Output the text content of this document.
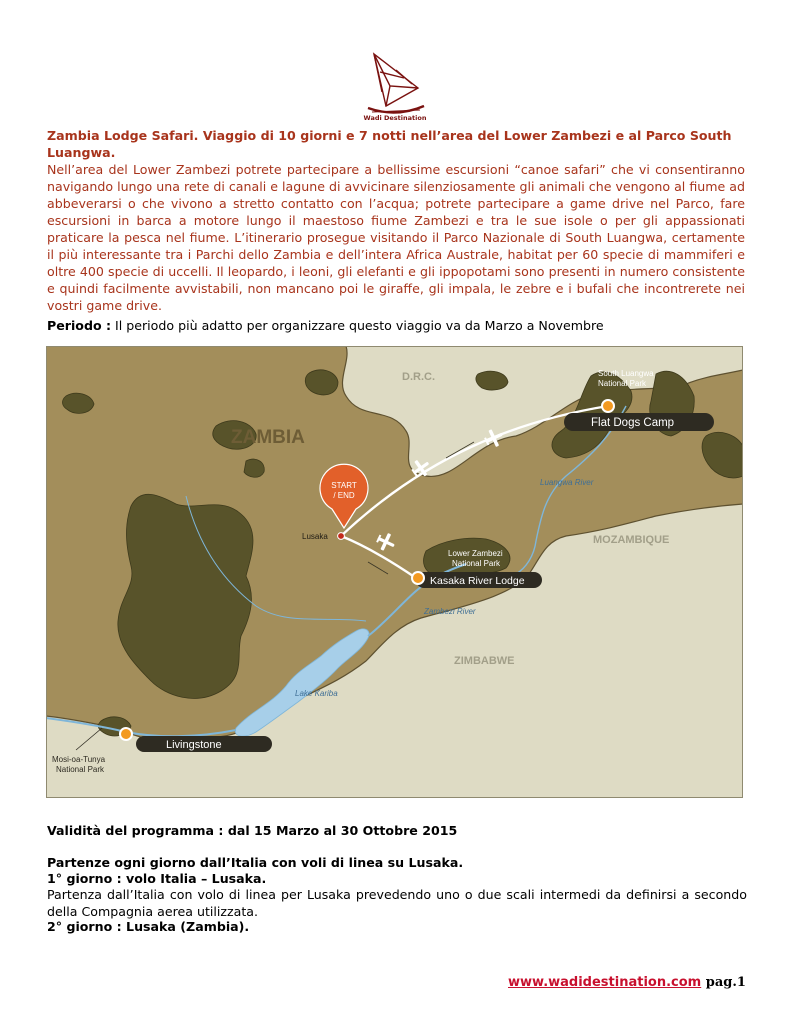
Wadi Destination

Zambia Lodge Safari. Viaggio di 10 giorni e 7 notti nell’area del Lower Zambezi e al Parco South Luangwa.

Nell’area del Lower Zambezi potrete partecipare a bellissime escursioni “canoe safari” che vi consentiranno navigando lungo una rete di canali e lagune di avvicinare silenziosamente gli animali che vengono al fiume ad abbeverarsi o che vivono a stretto contatto con l’acqua; potrete partecipare a game drive nel Parco, fare escursioni in barca a motore lungo il maestoso fiume Zambezi e tra le sue isole o per gli appassionati praticare la pesca nel fiume. L’itinerario prosegue visitando il Parco Nazionale di South Luangwa, certamente il più interessante tra i Parchi dello Zambia e dell’intera Africa Australe, habitat per 60 specie di mammiferi e oltre 400 specie di uccelli. Il leopardo, i leoni, gli elefanti e gli ippopotami sono presenti in numero consistente e quindi facilmente avvistabili, non mancano poi le giraffe, gli impala, le zebre e i bufali che incontrerete nei vostri game drive.

Periodo : Il periodo più adatto per organizzare questo viaggio va da Marzo a Novembre
ZAMBIA
D.R.C.
MOZAMBIQUE
ZIMBABWE
South Luangwa
National Park
Lower Zambezi
National Park
Mosi-oa-Tunya
National Park
Luangwa River
Zambezi River
Lake Kariba
Lusaka
START
/ END
Flat Dogs Camp
Kasaka River Lodge
Livingstone
Validità del programma : dal 15 Marzo al 30 Ottobre 2015
Partenze ogni giorno dall’Italia con voli di linea su Lusaka.
1° giorno : volo Italia – Lusaka.
Partenza dall’Italia con volo di linea per Lusaka prevedendo uno o due scali intermedi da definirsi a secondo della Compagnia aerea utilizzata.
2° giorno : Lusaka (Zambia).
www.wadidestination.com pag.1
